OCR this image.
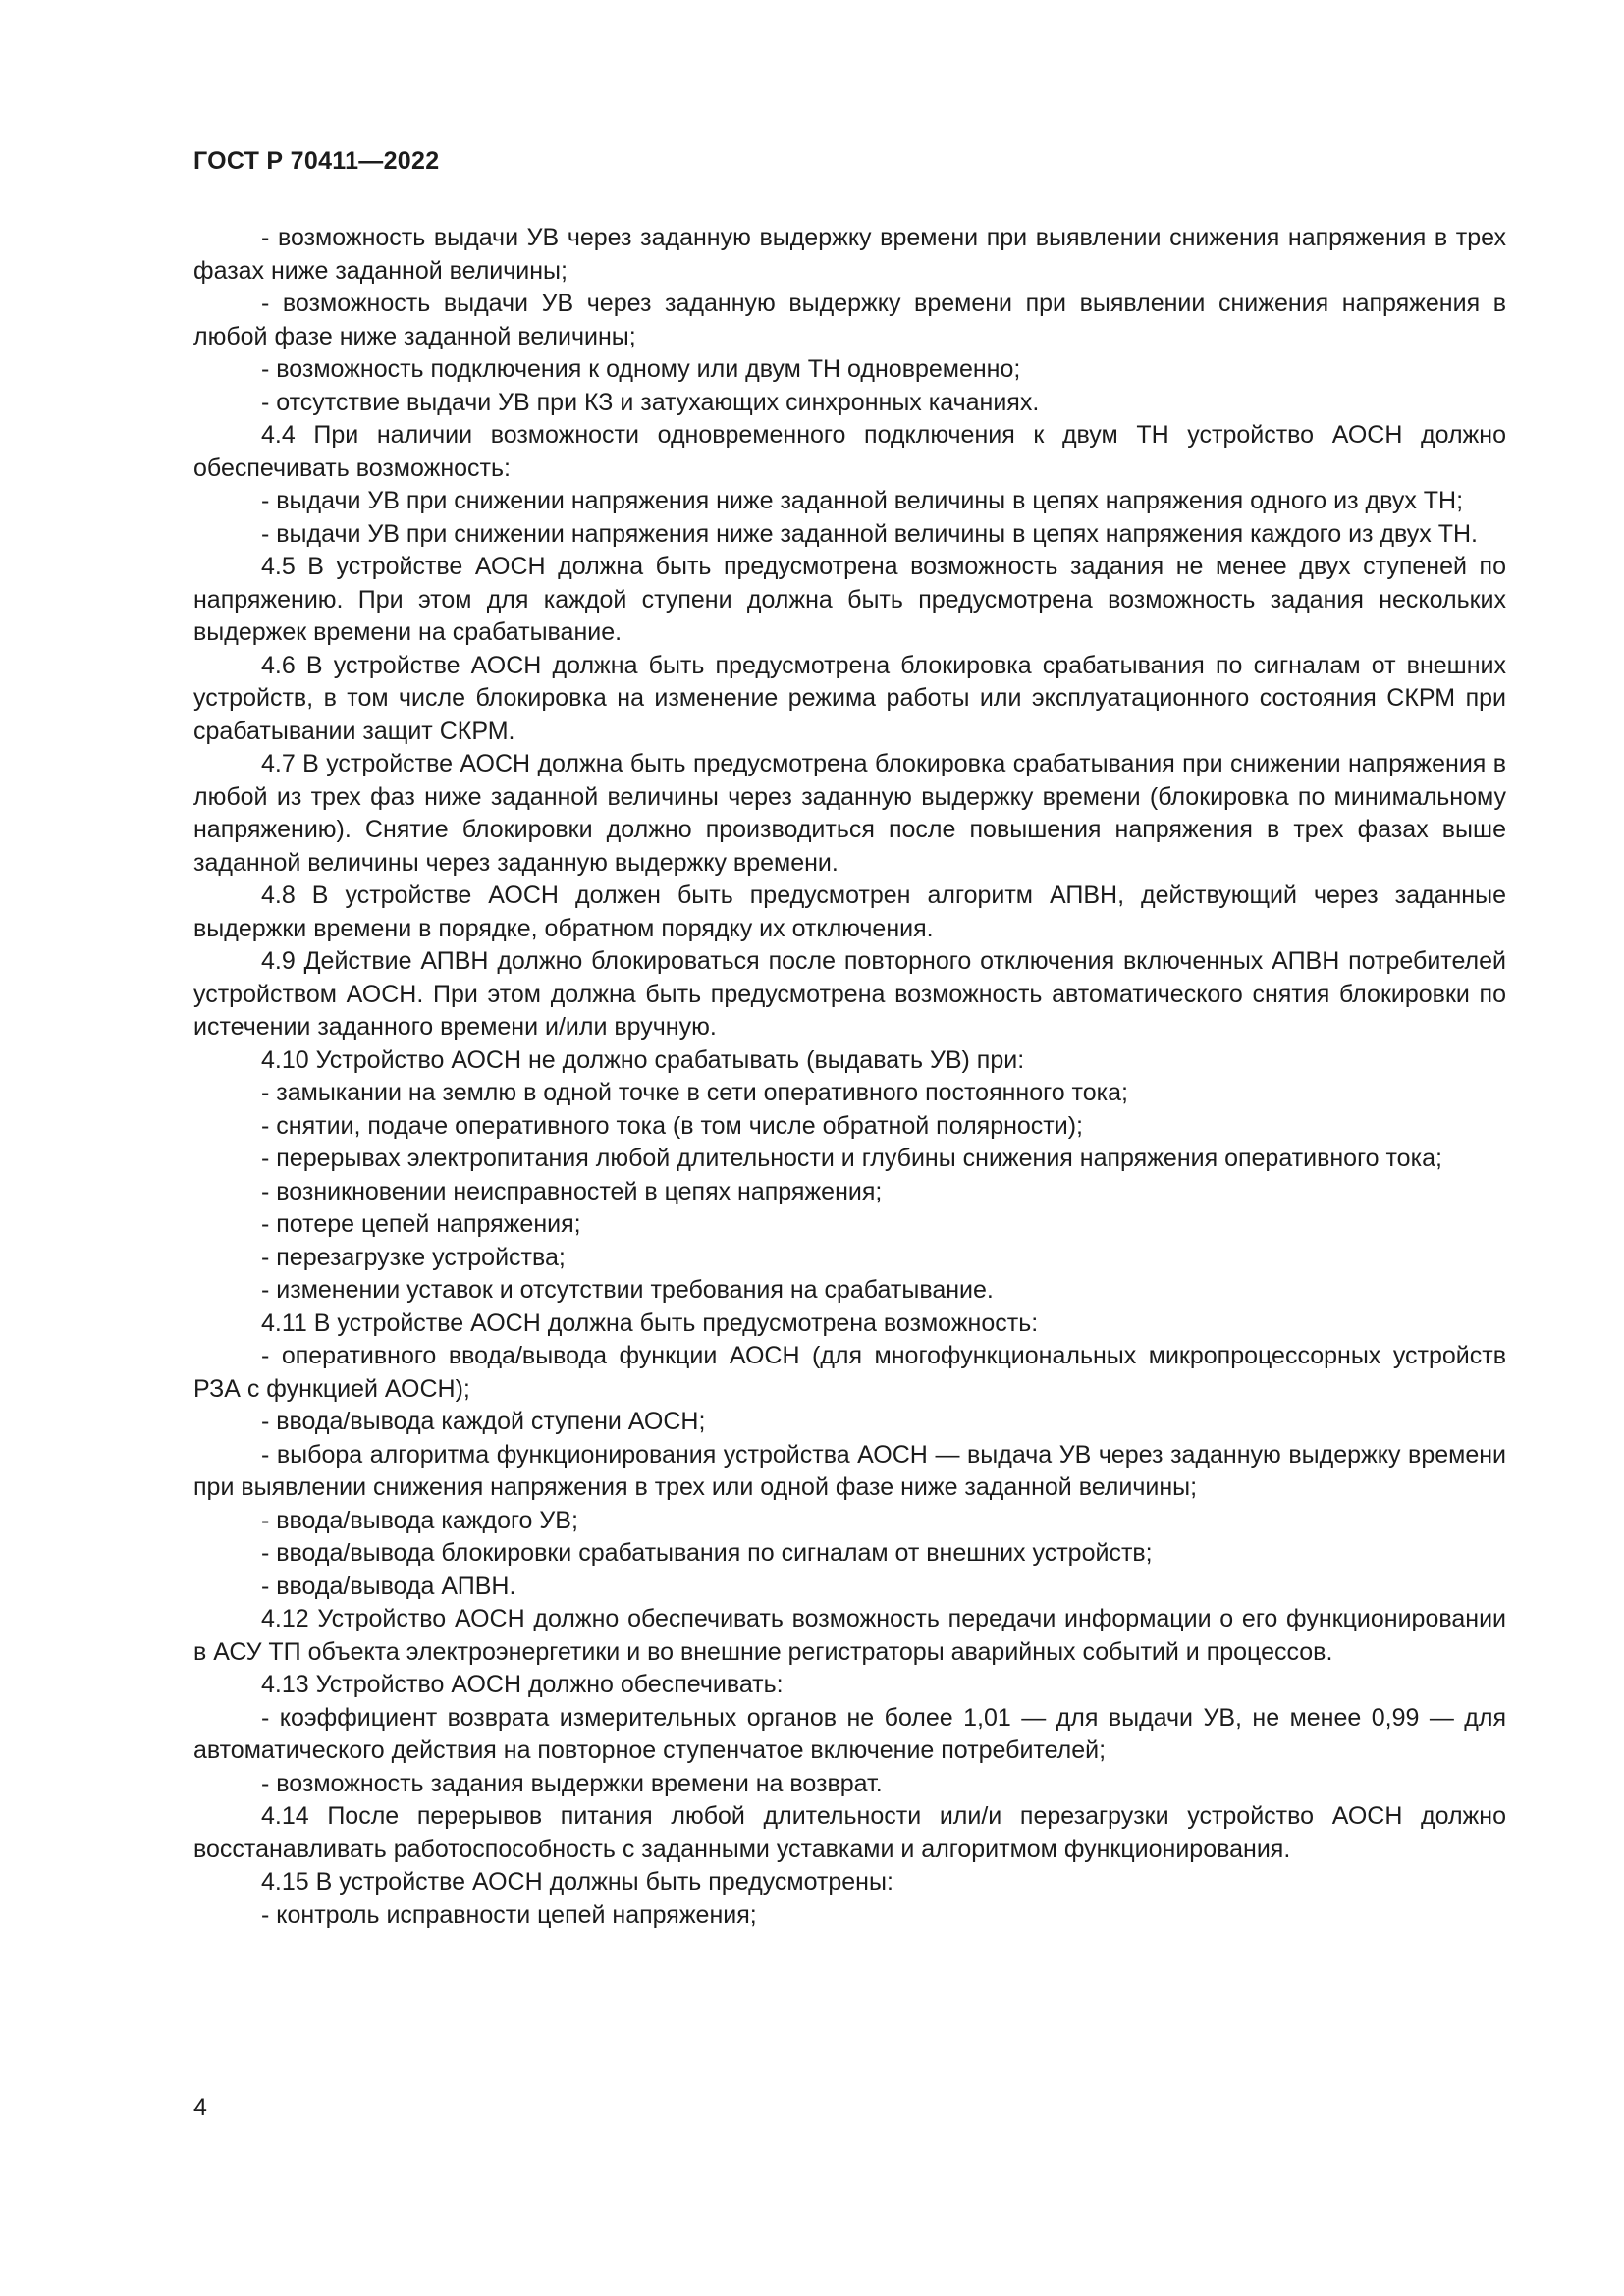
ГОСТ Р 70411—2022

- возможность выдачи УВ через заданную выдержку времени при выявлении снижения напряжения в трех фазах ниже заданной величины;

- возможность выдачи УВ через заданную выдержку времени при выявлении снижения напряжения в любой фазе ниже заданной величины;

- возможность подключения к одному или двум ТН одновременно;

- отсутствие выдачи УВ при КЗ и затухающих синхронных качаниях.

4.4 При наличии возможности одновременного подключения к двум ТН устройство АОСН должно обеспечивать возможность:

- выдачи УВ при снижении напряжения ниже заданной величины в цепях напряжения одного из двух ТН;

- выдачи УВ при снижении напряжения ниже заданной величины в цепях напряжения каждого из двух ТН.

4.5 В устройстве АОСН должна быть предусмотрена возможность задания не менее двух ступеней по напряжению. При этом для каждой ступени должна быть предусмотрена возможность задания нескольких выдержек времени на срабатывание.

4.6 В устройстве АОСН должна быть предусмотрена блокировка срабатывания по сигналам от внешних устройств, в том числе блокировка на изменение режима работы или эксплуатационного состояния СКРМ при срабатывании защит СКРМ.

4.7 В устройстве АОСН должна быть предусмотрена блокировка срабатывания при снижении напряжения в любой из трех фаз ниже заданной величины через заданную выдержку времени (блокировка по минимальному напряжению). Снятие блокировки должно производиться после повышения напряжения в трех фазах выше заданной величины через заданную выдержку времени.

4.8 В устройстве АОСН должен быть предусмотрен алгоритм АПВН, действующий через заданные выдержки времени в порядке, обратном порядку их отключения.

4.9 Действие АПВН должно блокироваться после повторного отключения включенных АПВН потребителей устройством АОСН. При этом должна быть предусмотрена возможность автоматического снятия блокировки по истечении заданного времени и/или вручную.

4.10 Устройство АОСН не должно срабатывать (выдавать УВ) при:

- замыкании на землю в одной точке в сети оперативного постоянного тока;

- снятии, подаче оперативного тока (в том числе обратной полярности);

- перерывах электропитания любой длительности и глубины снижения напряжения оперативного тока;

- возникновении неисправностей в цепях напряжения;

- потере цепей напряжения;

- перезагрузке устройства;

- изменении уставок и отсутствии требования на срабатывание.

4.11 В устройстве АОСН должна быть предусмотрена возможность:

- оперативного ввода/вывода функции АОСН (для многофункциональных микропроцессорных устройств РЗА с функцией АОСН);

- ввода/вывода каждой ступени АОСН;

- выбора алгоритма функционирования устройства АОСН — выдача УВ через заданную выдержку времени при выявлении снижения напряжения в трех или одной фазе ниже заданной величины;

- ввода/вывода каждого УВ;

- ввода/вывода блокировки срабатывания по сигналам от внешних устройств;

- ввода/вывода АПВН.

4.12 Устройство АОСН должно обеспечивать возможность передачи информации о его функционировании в АСУ ТП объекта электроэнергетики и во внешние регистраторы аварийных событий и процессов.

4.13 Устройство АОСН должно обеспечивать:

- коэффициент возврата измерительных органов не более 1,01 — для выдачи УВ, не менее 0,99 — для автоматического действия на повторное ступенчатое включение потребителей;

- возможность задания выдержки времени на возврат.

4.14 После перерывов питания любой длительности или/и перезагрузки устройство АОСН должно восстанавливать работоспособность с заданными уставками и алгоритмом функционирования.

4.15 В устройстве АОСН должны быть предусмотрены:

- контроль исправности цепей напряжения;

4
